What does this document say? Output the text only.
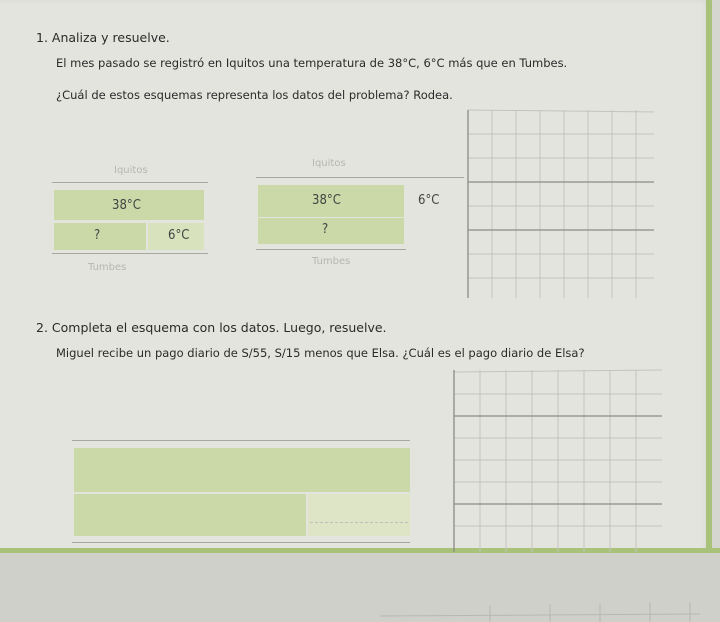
1. Analiza y resuelve.
El mes pasado se registró en Iquitos una temperatura de 38°C, 6°C más que en Tumbes.
¿Cuál de estos esquemas representa los datos del problema? Rodea.
Iquitos
38°C
?	6°C
Tumbes
Iquitos
38°C	6°C
?
Tumbes
2. Completa el esquema con los datos. Luego, resuelve.
Miguel recibe un pago diario de S/55, S/15 menos que Elsa. ¿Cuál es el pago diario de Elsa?
